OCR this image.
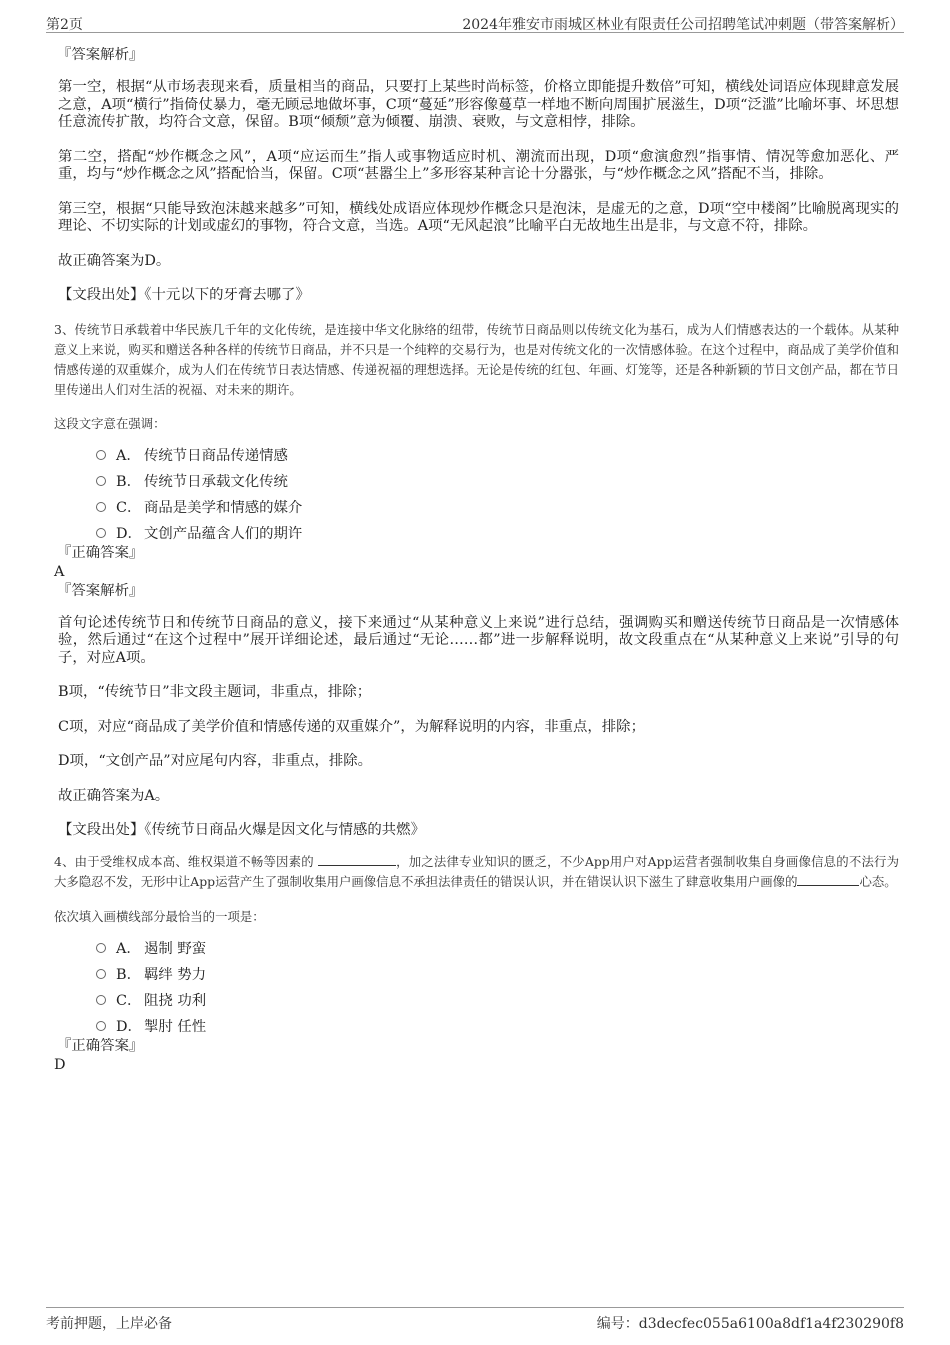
第2页	2024年雅安市雨城区林业有限责任公司招聘笔试冲刺题（带答案解析）
『答案解析』

第一空，根据“从市场表现来看，质量相当的商品，只要打上某些时尚标签，价格立即能提升数倍”可知，横线处词语应体现肆意发展之意，A项“横行”指倚仗暴力，毫无顾忌地做坏事，C项“蔓延”形容像蔓草一样地不断向周围扩展滋生，D项“泛滥”比喻坏事、坏思想任意流传扩散，均符合文意，保留。B项“倾颓”意为倾覆、崩溃、衰败，与文意相悖，排除。

第二空，搭配“炒作概念之风”，A项“应运而生”指人或事物适应时机、潮流而出现，D项“愈演愈烈”指事情、情况等愈加恶化、严重，均与“炒作概念之风”搭配恰当，保留。C项“甚嚣尘上”多形容某种言论十分嚣张，与“炒作概念之风”搭配不当，排除。

第三空，根据“只能导致泡沫越来越多”可知，横线处成语应体现炒作概念只是泡沫，是虚无的之意，D项“空中楼阁”比喻脱离现实的理论、不切实际的计划或虚幻的事物，符合文意，当选。A项“无风起浪”比喻平白无故地生出是非，与文意不符，排除。

故正确答案为D。

【文段出处】《十元以下的牙膏去哪了》

3、传统节日承载着中华民族几千年的文化传统，是连接中华文化脉络的纽带，传统节日商品则以传统文化为基石，成为人们情感表达的一个载体。从某种意义上来说，购买和赠送各种各样的传统节日商品，并不只是一个纯粹的交易行为，也是对传统文化的一次情感体验。在这个过程中，商品成了美学价值和情感传递的双重媒介，成为人们在传统节日表达情感、传递祝福的理想选择。无论是传统的红包、年画、灯笼等，还是各种新颖的节日文创产品，都在节日里传递出人们对生活的祝福、对未来的期许。

这段文字意在强调：

A． 传统节日商品传递情感
B． 传统节日承载文化传统
C． 商品是美学和情感的媒介
D． 文创产品蕴含人们的期许
『正确答案』
A
『答案解析』

首句论述传统节日和传统节日商品的意义，接下来通过“从某种意义上来说”进行总结，强调购买和赠送传统节日商品是一次情感体验，然后通过“在这个过程中”展开详细论述，最后通过“无论……都”进一步解释说明，故文段重点在“从某种意义上来说”引导的句子，对应A项。

B项，“传统节日”非文段主题词，非重点，排除；

C项，对应“商品成了美学价值和情感传递的双重媒介”，为解释说明的内容，非重点，排除；

D项，“文创产品”对应尾句内容，非重点，排除。

故正确答案为A。

【文段出处】《传统节日商品火爆是因文化与情感的共燃》

4、由于受维权成本高、维权渠道不畅等因素的	，加之法律专业知识的匮乏，不少App用户对App运营者强制收集自身画像信息的不法行为大多隐忍不发，无形中让App运营产生了强制收集用户画像信息不承担法律责任的错误认识，并在错误认识下滋生了肆意收集用户画像的	心态。

依次填入画横线部分最恰当的一项是：

A． 遏制 野蛮
B． 羁绊 势力
C． 阻挠 功利
D． 掣肘 任性
『正确答案』
D
考前押题，上岸必备	编号：d3decfec055a6100a8df1a4f230290f8
